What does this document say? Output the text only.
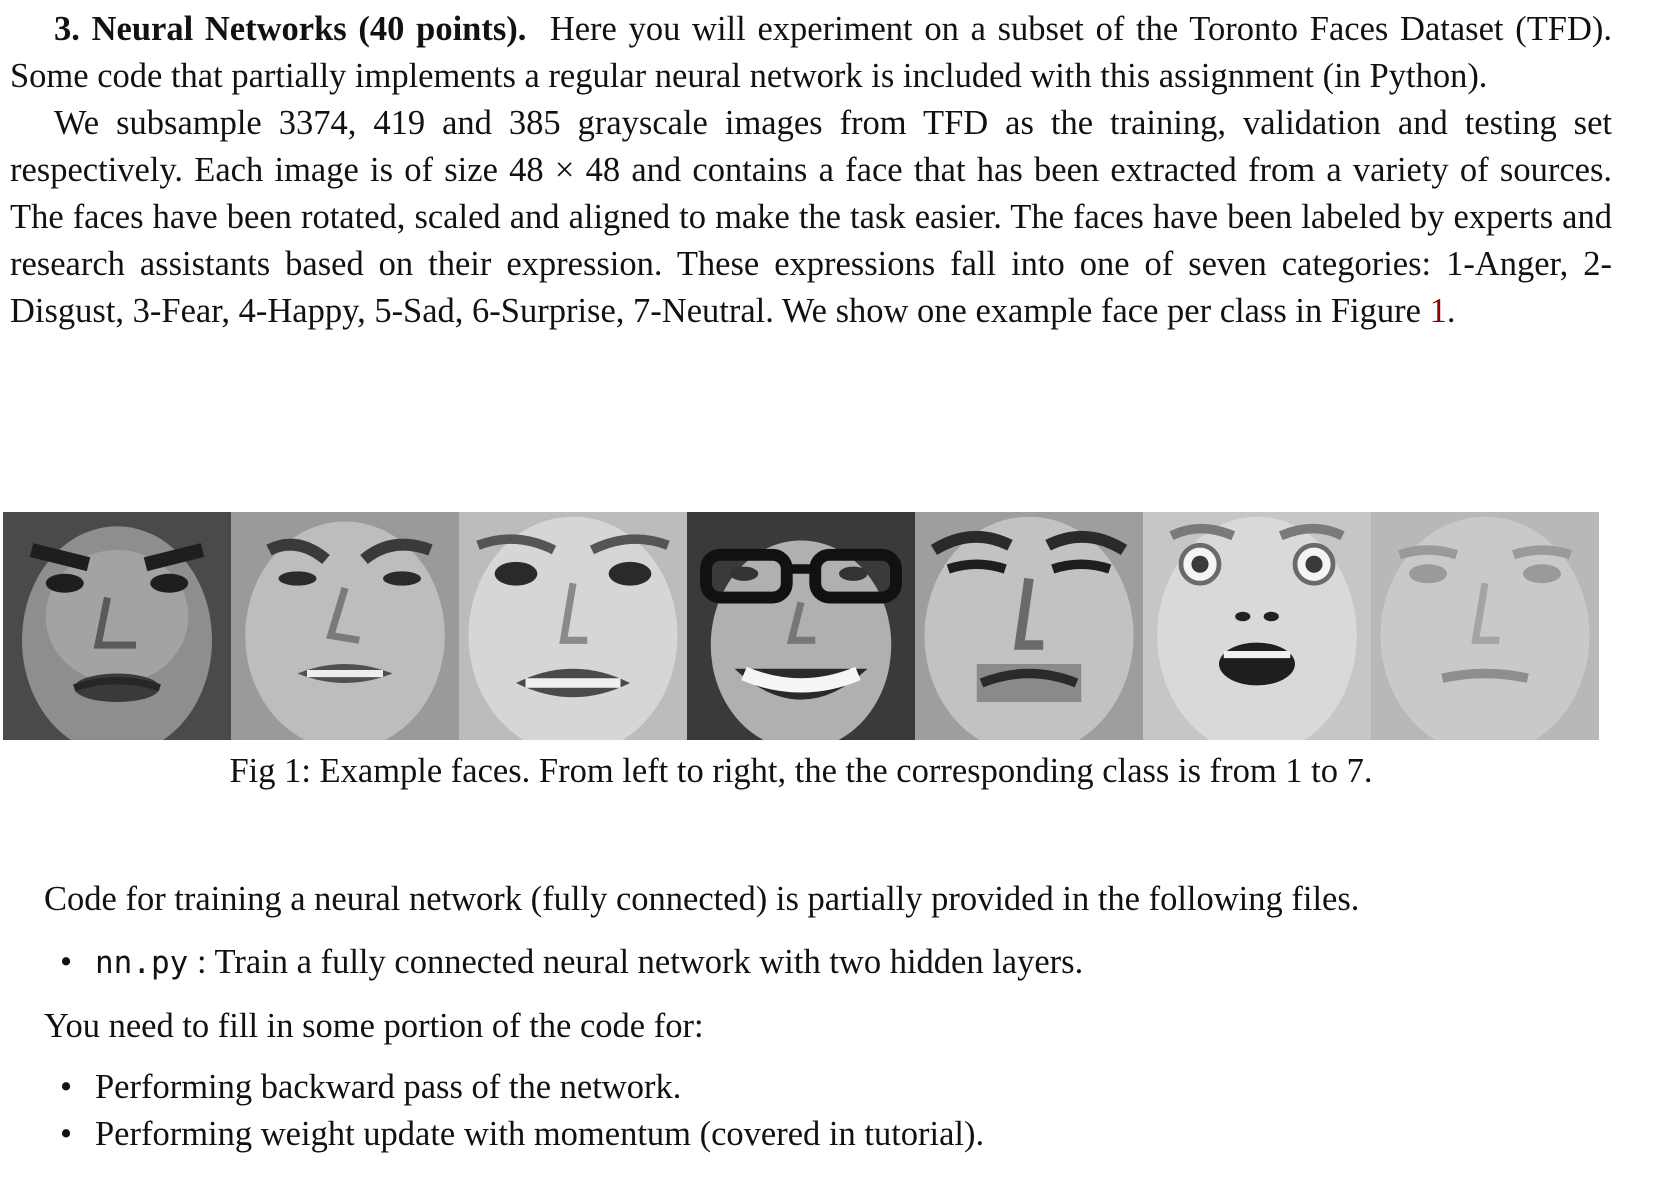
3. Neural Networks (40 points). Here you will experiment on a subset of the Toronto Faces Dataset (TFD). Some code that partially implements a regular neural network is included with this assignment (in Python).

We subsample 3374, 419 and 385 grayscale images from TFD as the training, validation and testing set respectively. Each image is of size 48 × 48 and contains a face that has been extracted from a variety of sources. The faces have been rotated, scaled and aligned to make the task easier. The faces have been labeled by experts and research assistants based on their expression. These expressions fall into one of seven categories: 1-Anger, 2-Disgust, 3-Fear, 4-Happy, 5-Sad, 6-Surprise, 7-Neutral. We show one example face per class in Figure 1.

Fig 1: Example faces. From left to right, the the corresponding class is from 1 to 7.

Code for training a neural network (fully connected) is partially provided in the following files.

• nn.py : Train a fully connected neural network with two hidden layers.

You need to fill in some portion of the code for:

• Performing backward pass of the network.
• Performing weight update with momentum (covered in tutorial).
